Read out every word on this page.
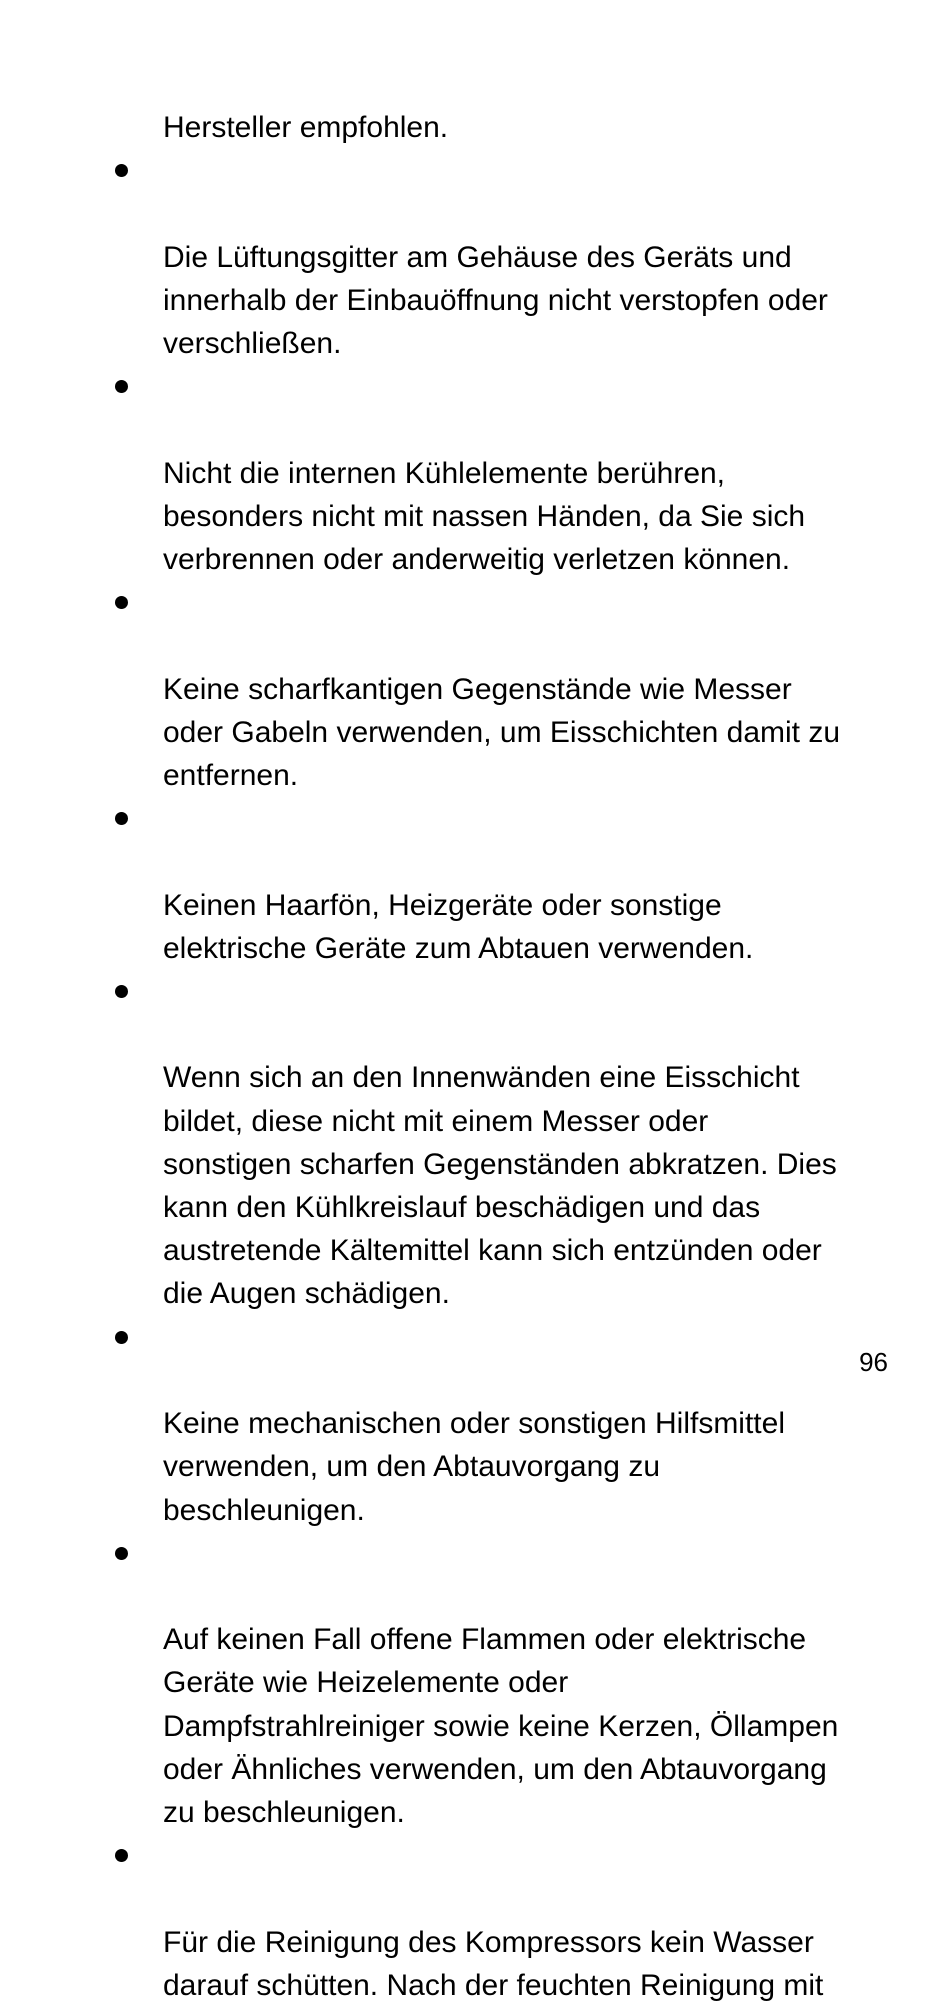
Hersteller empfohlen.

Die Lüftungsgitter am Gehäuse des Geräts und
innerhalb der Einbauöffnung nicht verstopfen oder
verschließen.

Nicht die internen Kühlelemente berühren,
besonders nicht mit nassen Händen, da Sie sich
verbrennen oder anderweitig verletzen können.

Keine scharfkantigen Gegenstände wie Messer
oder Gabeln verwenden, um Eisschichten damit zu
entfernen.

Keinen Haarfön, Heizgeräte oder sonstige
elektrische Geräte zum Abtauen verwenden.

Wenn sich an den Innenwänden eine Eisschicht
bildet, diese nicht mit einem Messer oder
sonstigen scharfen Gegenständen abkratzen. Dies
kann den Kühlkreislauf beschädigen und das
austretende Kältemittel kann sich entzünden oder
die Augen schädigen.

Keine mechanischen oder sonstigen Hilfsmittel
verwenden, um den Abtauvorgang zu
beschleunigen.

Auf keinen Fall offene Flammen oder elektrische
Geräte wie Heizelemente oder
Dampfstrahlreiniger sowie keine Kerzen, Öllampen
oder Ähnliches verwenden, um den Abtauvorgang
zu beschleunigen.

Für die Reinigung des Kompressors kein Wasser
darauf schütten. Nach der feuchten Reinigung mit

96
